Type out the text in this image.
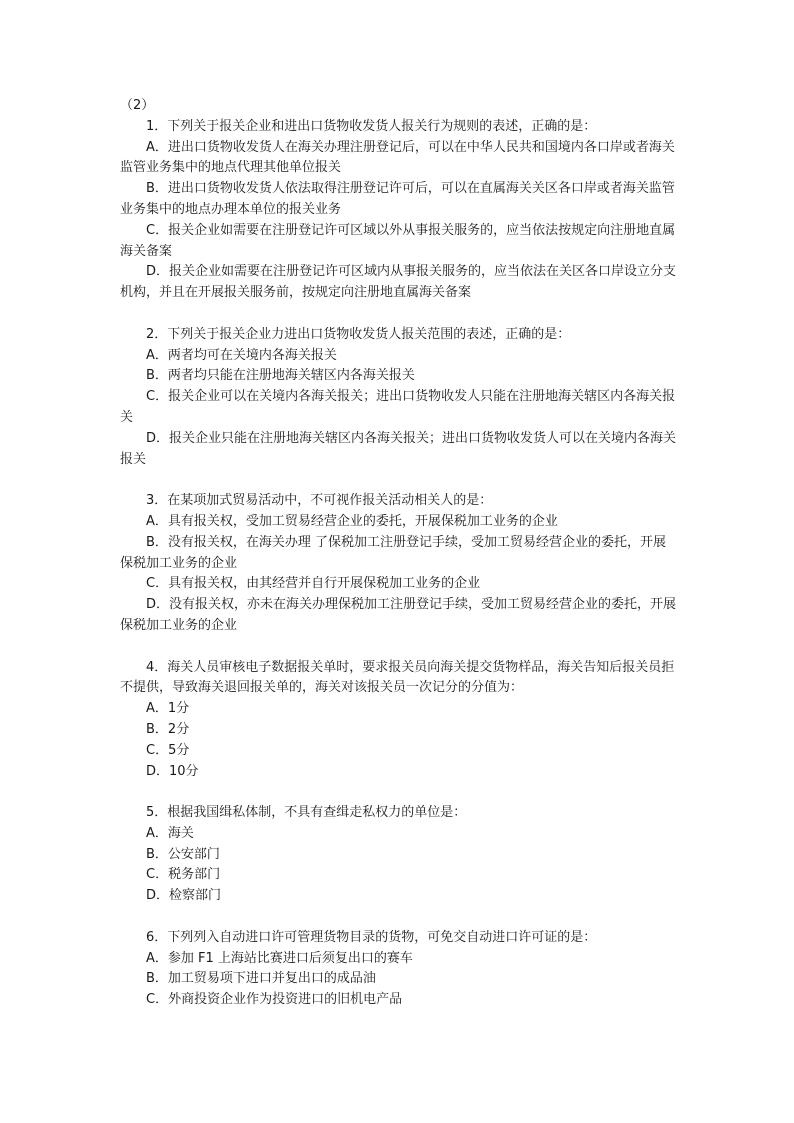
（2）

1．下列关于报关企业和进出口货物收发货人报关行为规则的表述，正确的是：

A．进出口货物收发货人在海关办理注册登记后，可以在中华人民共和国境内各口岸或者海关监管业务集中的地点代理其他单位报关

B．进出口货物收发货人依法取得注册登记许可后，可以在直属海关关区各口岸或者海关监管业务集中的地点办理本单位的报关业务

C．报关企业如需要在注册登记许可区域以外从事报关服务的，应当依法按规定向注册地直属海关备案

D．报关企业如需要在注册登记许可区域内从事报关服务的，应当依法在关区各口岸设立分支机构，并且在开展报关服务前，按规定向注册地直属海关备案

2．下列关于报关企业力进出口货物收发货人报关范围的表述，正确的是：

A．两者均可在关境内各海关报关

B．两者均只能在注册地海关辖区内各海关报关

C．报关企业可以在关境内各海关报关；进出口货物收发人只能在注册地海关辖区内各海关报关

D．报关企业只能在注册地海关辖区内各海关报关；进出口货物收发货人可以在关境内各海关报关

3．在某项加式贸易活动中，不可视作报关活动相关人的是：

A．具有报关权，受加工贸易经营企业的委托，开展保税加工业务的企业

B．没有报关权，在海关办理 了保税加工注册登记手续，受加工贸易经营企业的委托，开展保税加工业务的企业

C．具有报关权，由其经营并自行开展保税加工业务的企业

D．没有报关权，亦未在海关办理保税加工注册登记手续，受加工贸易经营企业的委托，开展保税加工业务的企业

4．海关人员审核电子数据报关单时，要求报关员向海关提交货物样品，海关告知后报关员拒不提供，导致海关退回报关单的，海关对该报关员一次记分的分值为：

A．1分

B．2分

C．5分

D．10分

5．根据我国缉私体制，不具有查缉走私权力的单位是：

A．海关

B．公安部门

C．税务部门

D．检察部门

6．下列列入自动进口许可管理货物目录的货物，可免交自动进口许可证的是：

A．参加 F1 上海站比赛进口后须复出口的赛车

B．加工贸易项下进口并复出口的成品油

C．外商投资企业作为投资进口的旧机电产品
